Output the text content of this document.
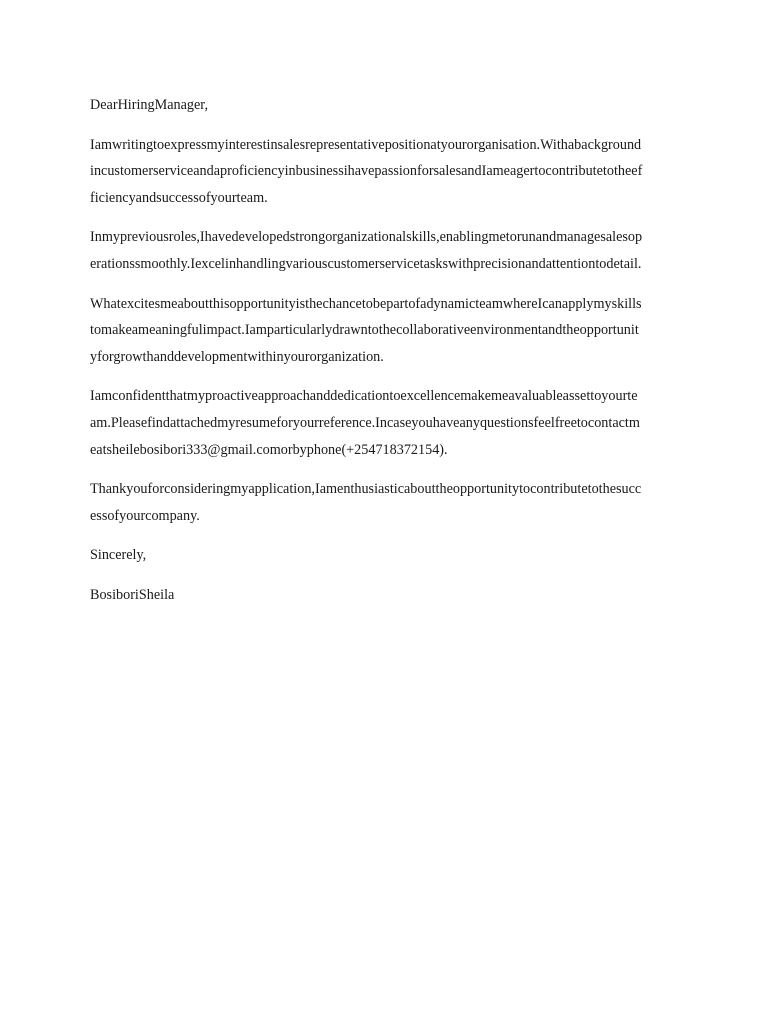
DearHiringManager,
Iamwritingtoexpressmyinterestinsalesrepresentativepositionatyourorganisation.Withabackground
incustomerserviceandaproficiencyinbusinessihavepassionforsalesandIameagertocontributetotheef
ficiencyandsuccessofyourteam.
Inmypreviousroles,Ihavedevelopedstrongorganizationalskills,enablingmetorunandmanagesalesop
erationssmoothly.Iexcelinhandlingvariouscustomerservicetaskswithprecisionandattentiontodetail.
WhatexcitesmeaboutthisopportunityisthechancetobepartofadynamicteamwhereIcanapplymyskills
tomakeameaningfulimpact.Iamparticularlydrawntothecollaborativeenvironmentandtheopportunit
yforgrowthanddevelopmentwithinyourorganization.
Iamconfidentthatmyproactiveapproachanddedicationtoexcellencemakemeavaluableassettoyourte
am.Pleasefindattachedmyresumeforyourreference.Incaseyouhaveanyquestionsfeelfreetocontactm
eatsheilebosibori333@gmail.comorbyphone(+254718372154).
Thankyouforconsideringmyapplication,Iamenthusiasticabouttheopportunitytocontributetothesucc
essofyourcompany.
Sincerely,
BosiboriSheila
